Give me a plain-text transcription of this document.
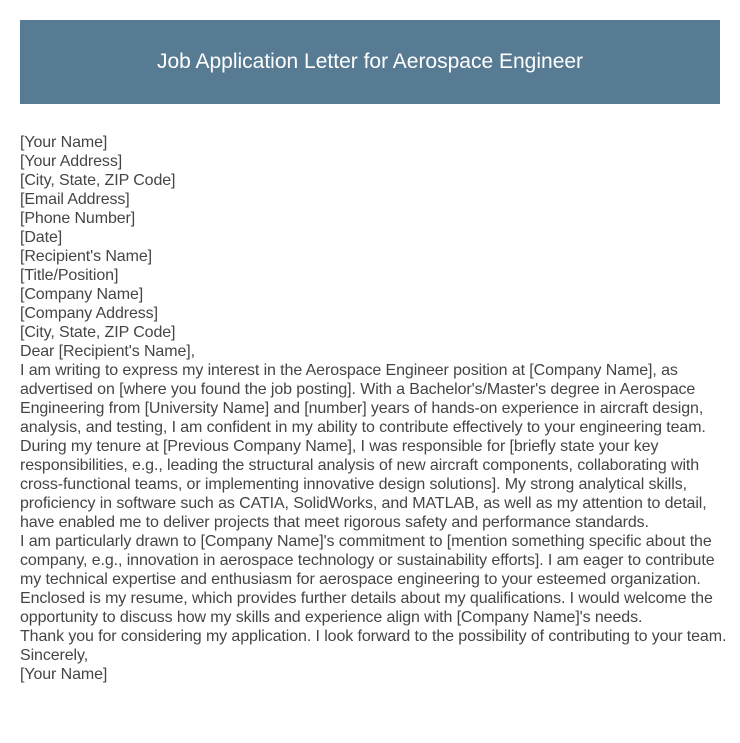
Job Application Letter for Aerospace Engineer

[Your Name]

[Your Address]

[City, State, ZIP Code]

[Email Address]

[Phone Number]

[Date]

[Recipient's Name]

[Title/Position]

[Company Name]

[Company Address]

[City, State, ZIP Code]

Dear [Recipient's Name],

I am writing to express my interest in the Aerospace Engineer position at [Company Name], as advertised on [where you found the job posting]. With a Bachelor's/Master's degree in Aerospace Engineering from [University Name] and [number] years of hands-on experience in aircraft design, analysis, and testing, I am confident in my ability to contribute effectively to your engineering team.

During my tenure at [Previous Company Name], I was responsible for [briefly state your key responsibilities, e.g., leading the structural analysis of new aircraft components, collaborating with cross-functional teams, or implementing innovative design solutions]. My strong analytical skills, proficiency in software such as CATIA, SolidWorks, and MATLAB, as well as my attention to detail, have enabled me to deliver projects that meet rigorous safety and performance standards.

I am particularly drawn to [Company Name]'s commitment to [mention something specific about the company, e.g., innovation in aerospace technology or sustainability efforts]. I am eager to contribute my technical expertise and enthusiasm for aerospace engineering to your esteemed organization.

Enclosed is my resume, which provides further details about my qualifications. I would welcome the opportunity to discuss how my skills and experience align with [Company Name]'s needs.

Thank you for considering my application. I look forward to the possibility of contributing to your team.

Sincerely,

[Your Name]
